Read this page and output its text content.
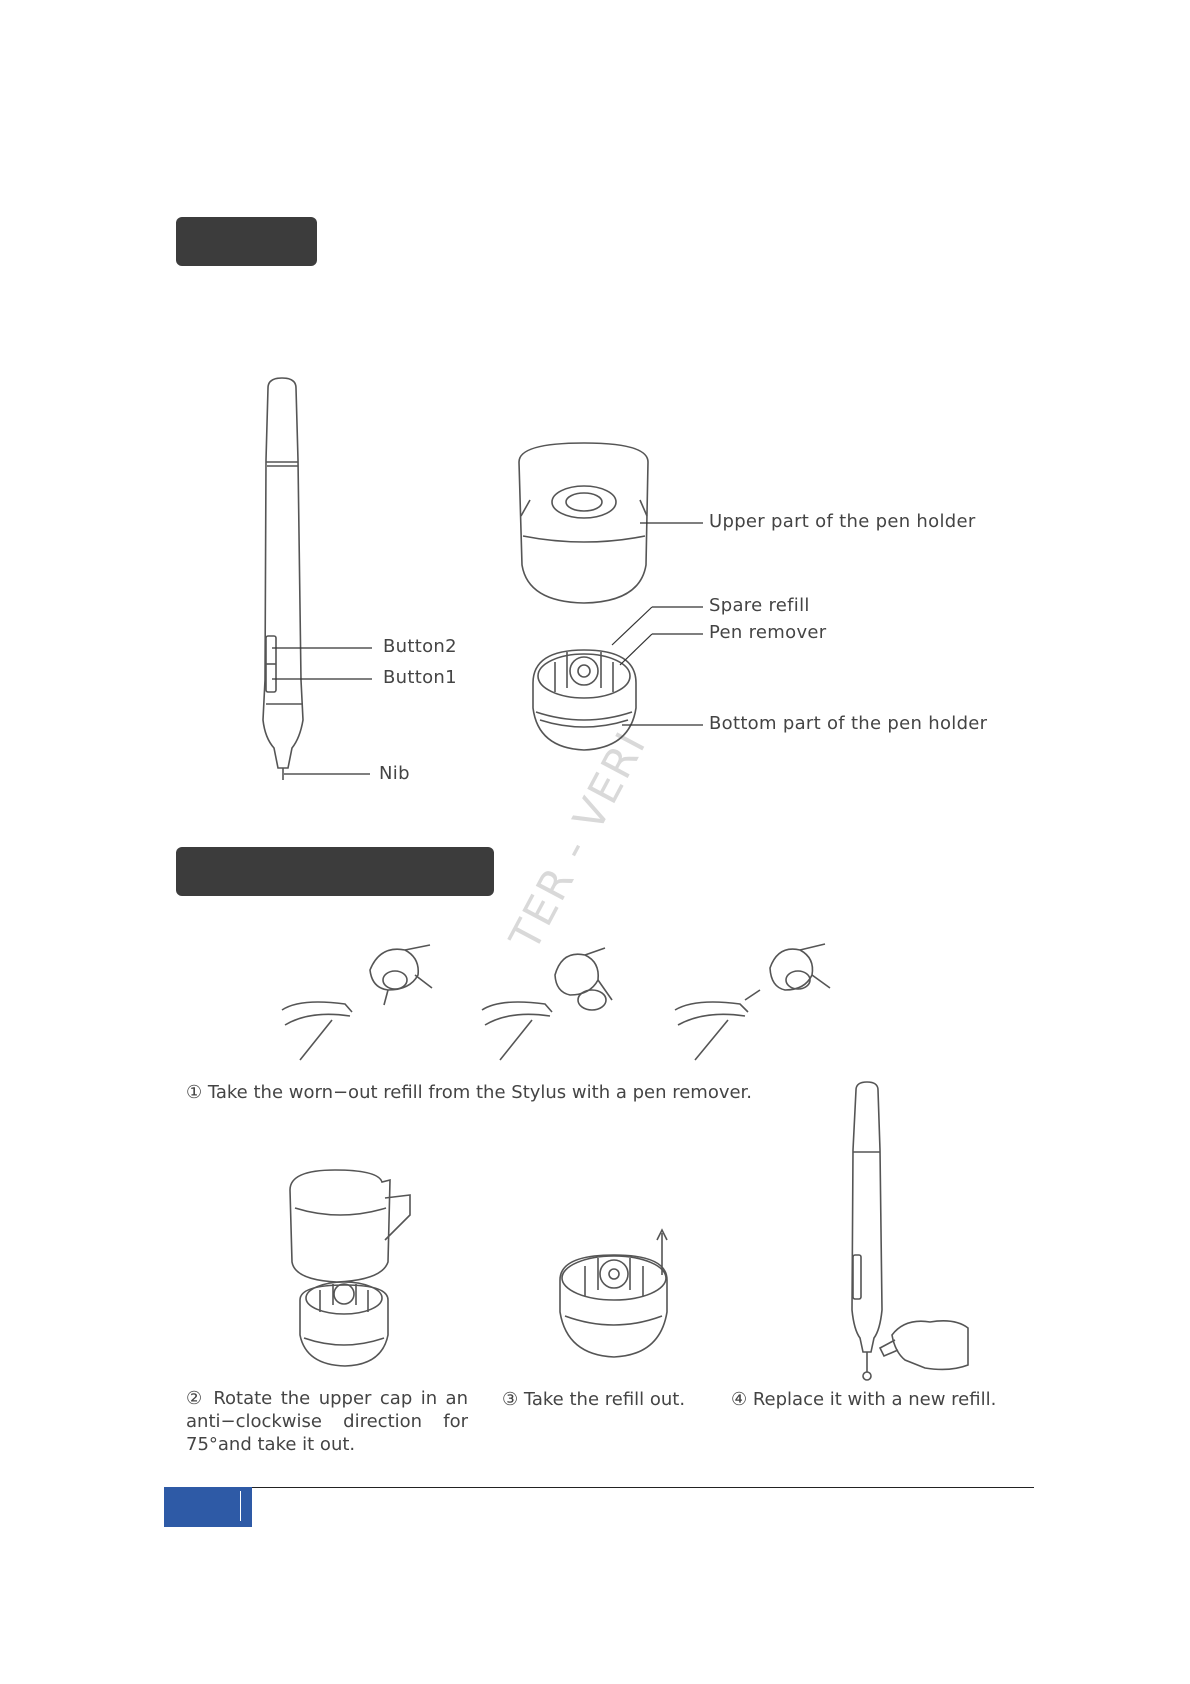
TER - VERI
Button2
Button1
Nib
Upper part of the pen holder
Spare refill
Pen remover
Bottom part of the pen holder
① Take the worn−out refill from the Stylus with a pen remover.
② Rotate the upper cap in an anti−clockwise direction for 75°and take it out.
③ Take the refill out.	④ Replace it with a new refill.
